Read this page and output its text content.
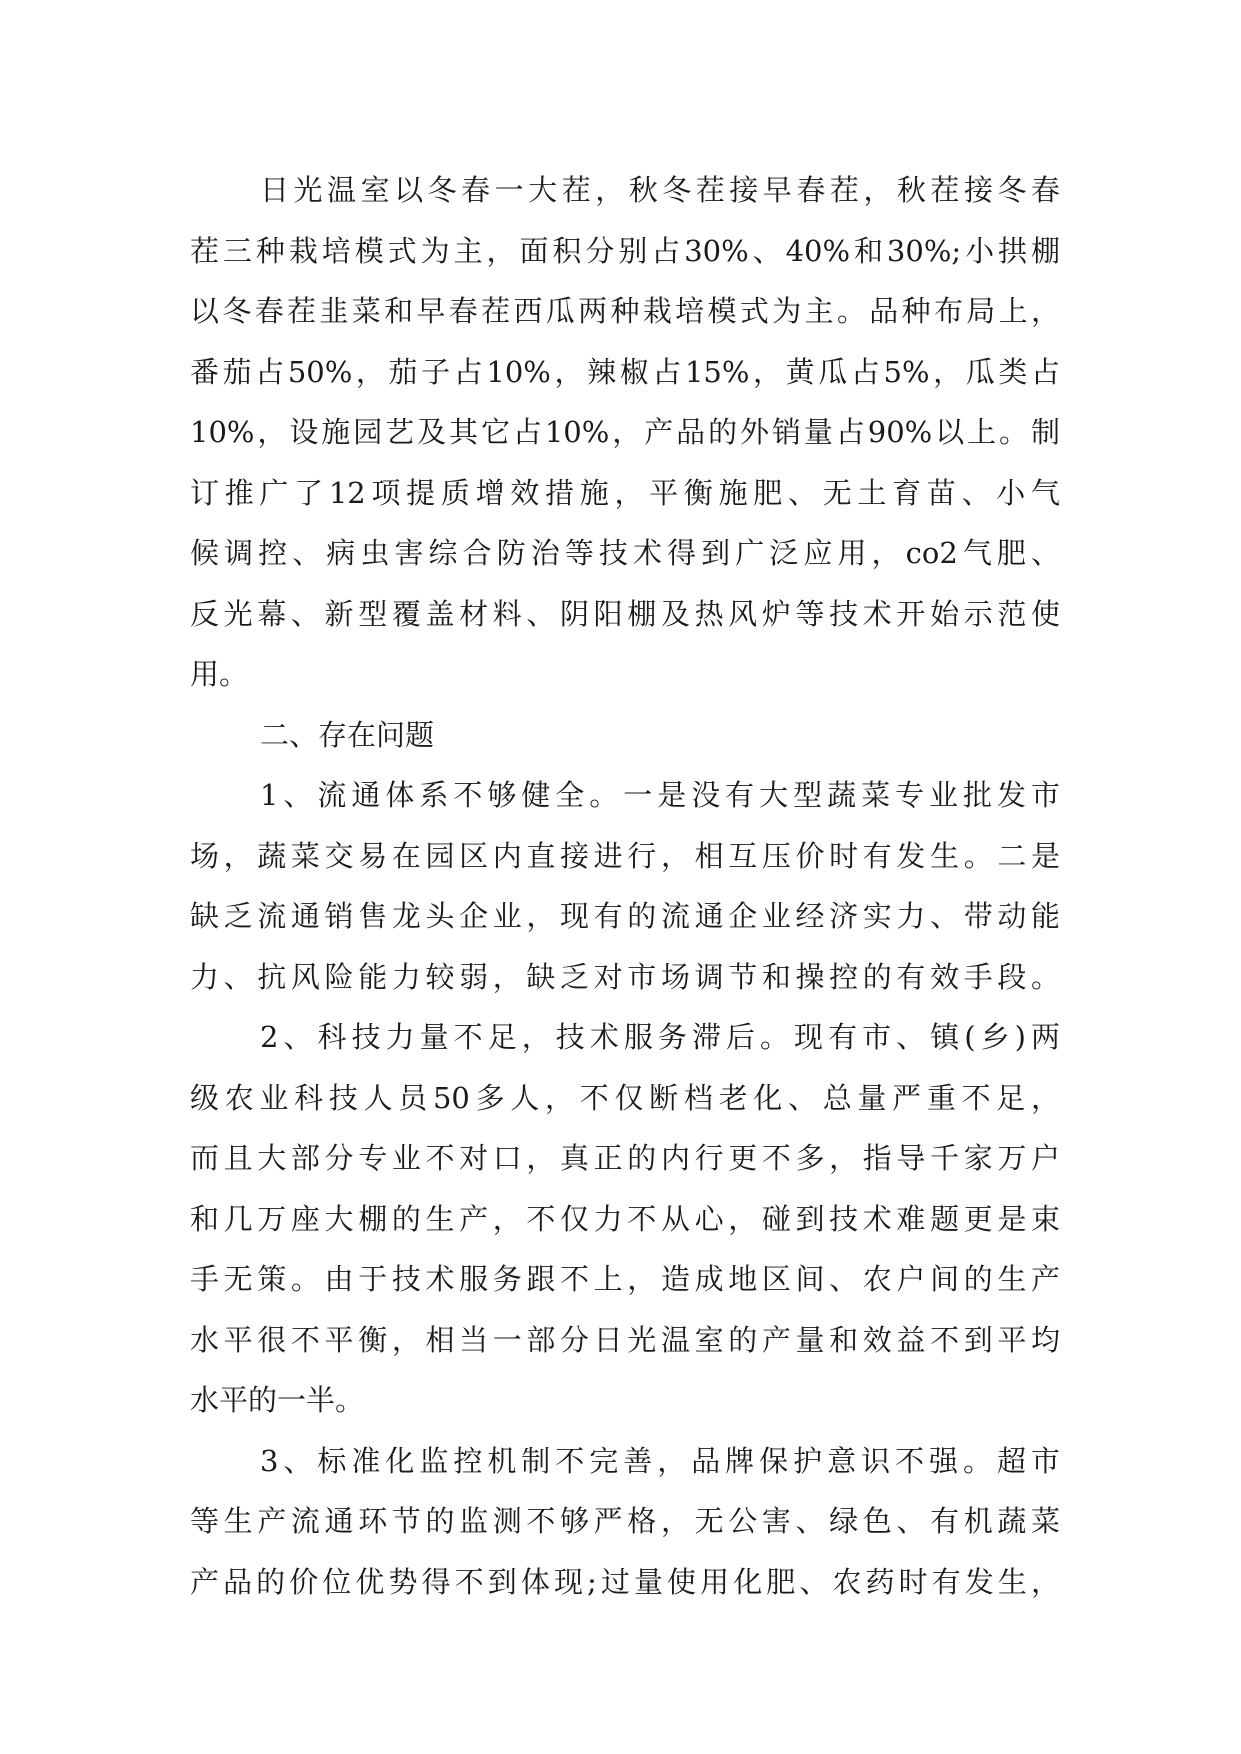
日光温室以冬春一大茬，秋冬茬接早春茬，秋茬接冬春
茬三种栽培模式为主，面积分别占30%、40%和30%;小拱棚
以冬春茬韭菜和早春茬西瓜两种栽培模式为主。品种布局上，
番茄占50%，茄子占10%，辣椒占15%，黄瓜占5%，瓜类占
10%，设施园艺及其它占10%，产品的外销量占90%以上。制
订推广了12项提质增效措施，平衡施肥、无土育苗、小气
候调控、病虫害综合防治等技术得到广泛应用，co2气肥、
反光幕、新型覆盖材料、阴阳棚及热风炉等技术开始示范使
用。
二、存在问题
1、流通体系不够健全。一是没有大型蔬菜专业批发市
场，蔬菜交易在园区内直接进行，相互压价时有发生。二是
缺乏流通销售龙头企业，现有的流通企业经济实力、带动能
力、抗风险能力较弱，缺乏对市场调节和操控的有效手段。
2、科技力量不足，技术服务滞后。现有市、镇(乡)两
级农业科技人员50多人，不仅断档老化、总量严重不足，
而且大部分专业不对口，真正的内行更不多，指导千家万户
和几万座大棚的生产，不仅力不从心，碰到技术难题更是束
手无策。由于技术服务跟不上，造成地区间、农户间的生产
水平很不平衡，相当一部分日光温室的产量和效益不到平均
水平的一半。
3、标准化监控机制不完善，品牌保护意识不强。超市
等生产流通环节的监测不够严格，无公害、绿色、有机蔬菜
产品的价位优势得不到体现;过量使用化肥、农药时有发生，
